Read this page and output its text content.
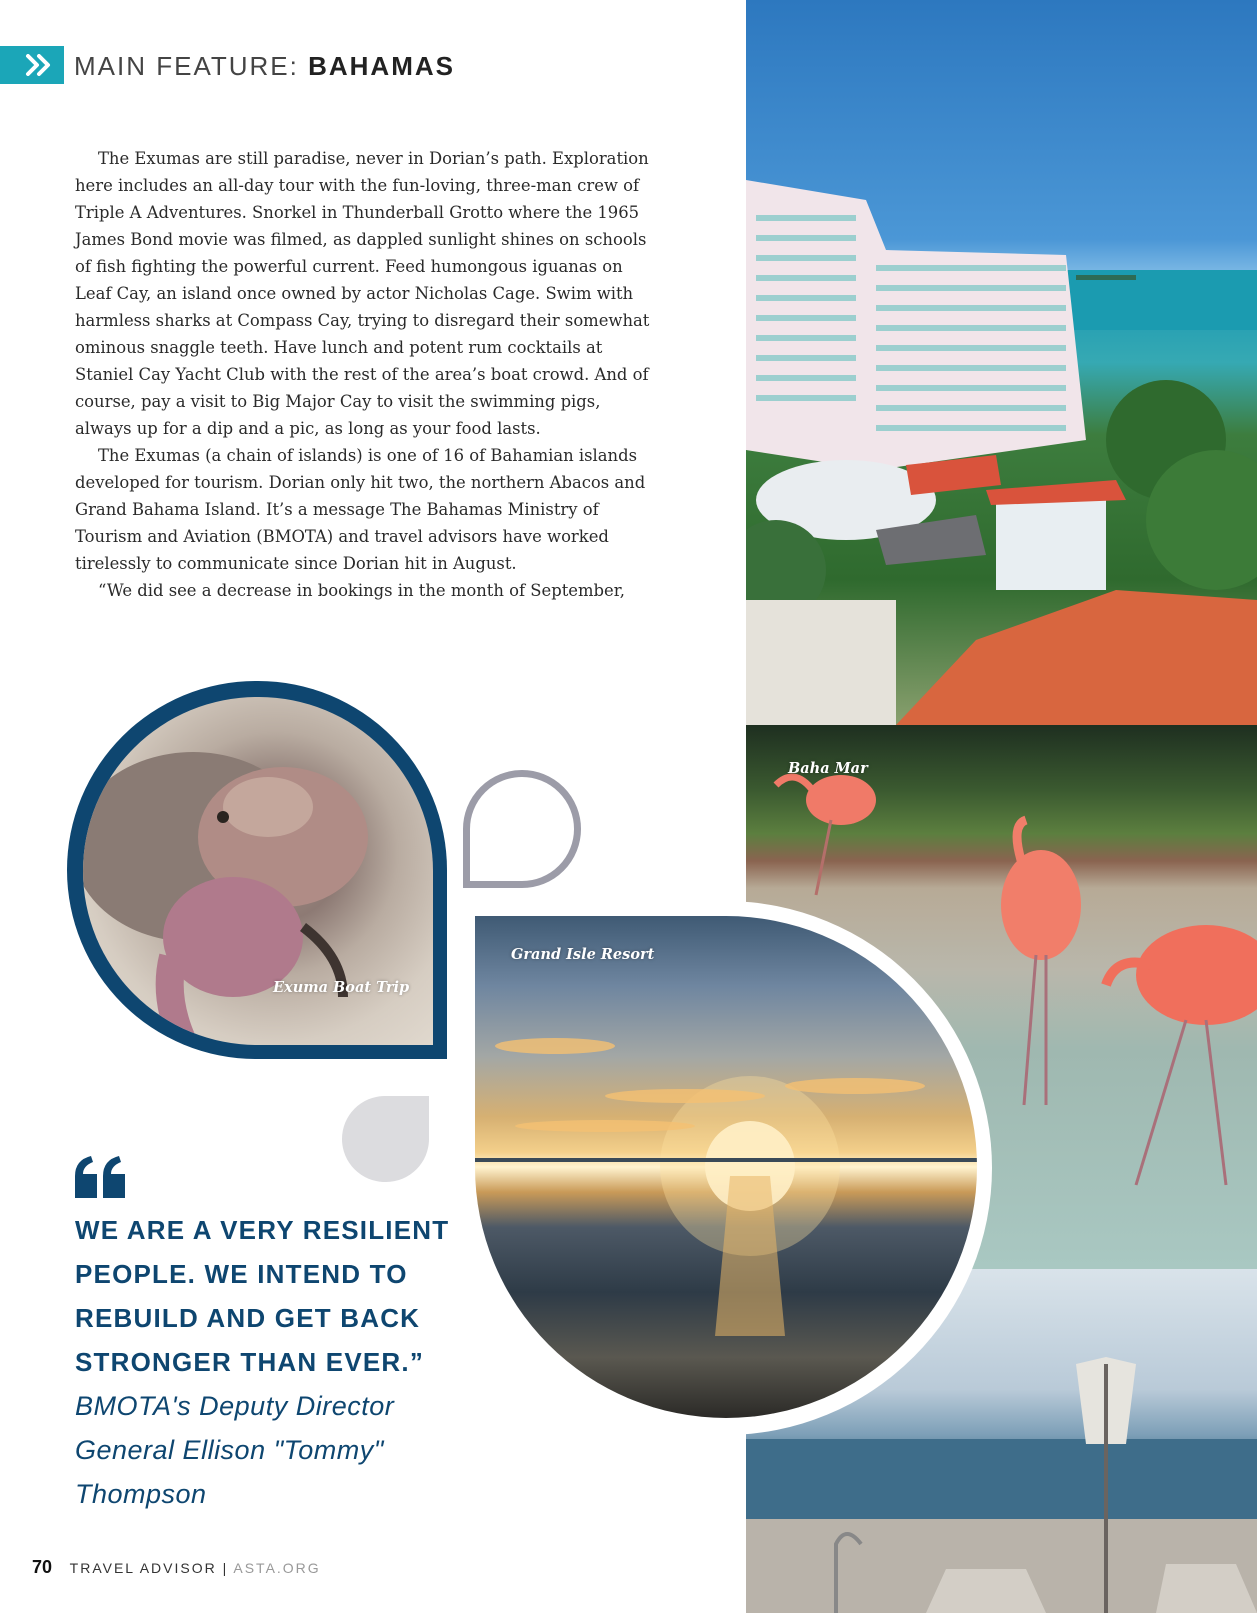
MAIN FEATURE: BAHAMAS

The Exumas are still paradise, never in Dorian’s path. Exploration here includes an all-day tour with the fun-loving, three-man crew of Triple A Adventures. Snorkel in Thunderball Grotto where the 1965 James Bond movie was filmed, as dappled sunlight shines on schools of fish fighting the powerful current. Feed humongous iguanas on Leaf Cay, an island once owned by actor Nicholas Cage. Swim with harmless sharks at Compass Cay, trying to disregard their somewhat ominous snaggle teeth. Have lunch and potent rum cocktails at Staniel Cay Yacht Club with the rest of the area’s boat crowd. And of course, pay a visit to Big Major Cay to visit the swimming pigs, always up for a dip and a pic, as long as your food lasts.

The Exumas (a chain of islands) is one of 16 of Bahamian islands developed for tourism. Dorian only hit two, the northern Abacos and Grand Bahama Island. It’s a message The Bahamas Ministry of Tourism and Aviation (BMOTA) and travel advisors have worked tirelessly to communicate since Dorian hit in August.

“We did see a decrease in bookings in the month of September,

Baha Mar
Exuma Boat Trip
Grand Isle Resort
WE ARE A VERY RESILIENT PEOPLE. WE INTEND TO REBUILD AND GET BACK STRONGER THAN EVER.” BMOTA's Deputy Director General Ellison "Tommy" Thompson
70 TRAVEL ADVISOR | ASTA.ORG
